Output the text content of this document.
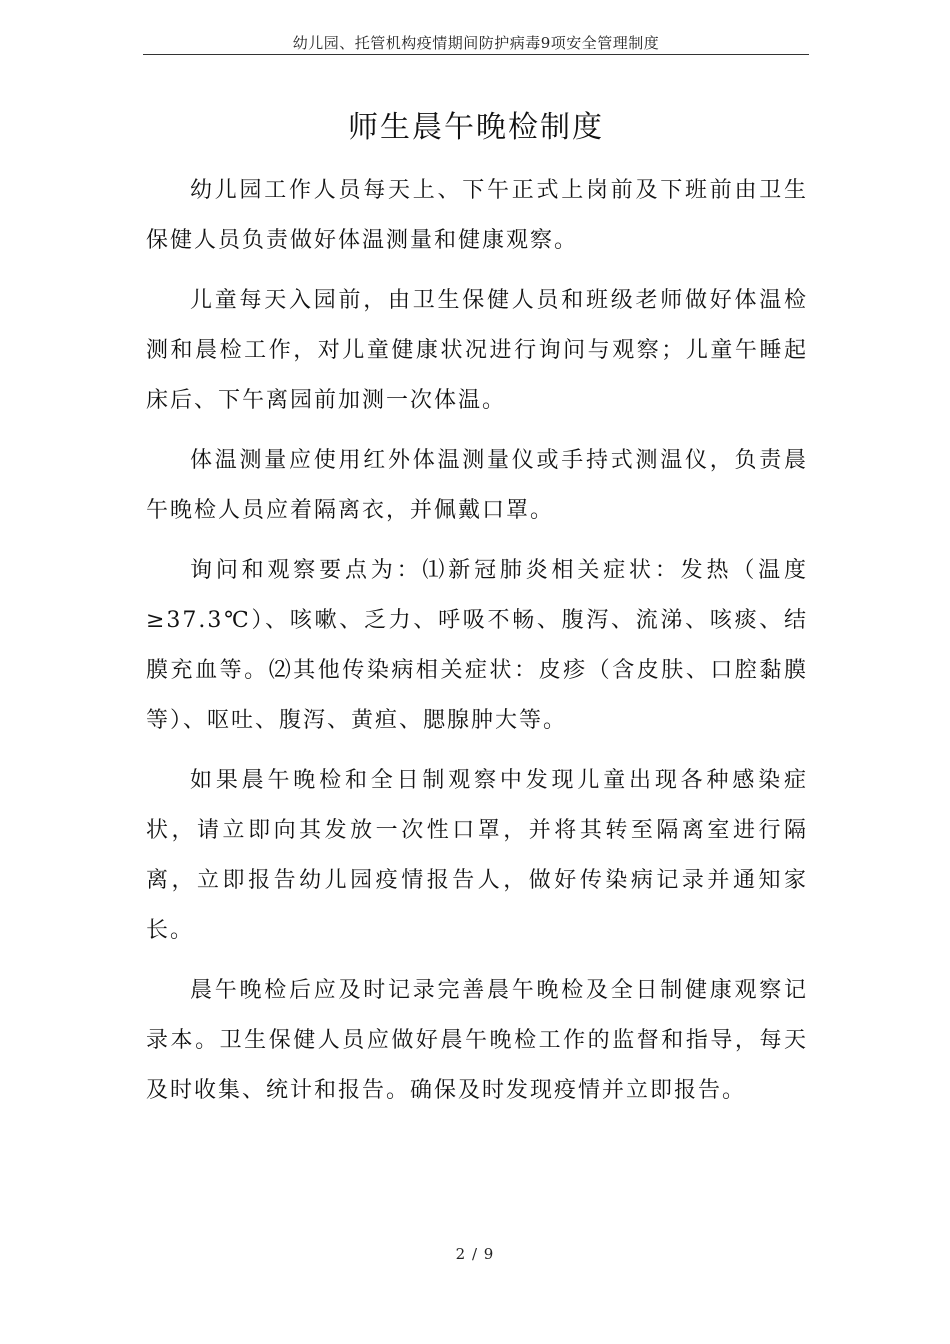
幼儿园、托管机构疫情期间防护病毒9项安全管理制度
师生晨午晚检制度

幼儿园工作人员每天上、下午正式上岗前及下班前由卫生保健人员负责做好体温测量和健康观察。

儿童每天入园前，由卫生保健人员和班级老师做好体温检测和晨检工作，对儿童健康状况进行询问与观察；儿童午睡起床后、下午离园前加测一次体温。

体温测量应使用红外体温测量仪或手持式测温仪，负责晨午晚检人员应着隔离衣，并佩戴口罩。

询问和观察要点为：⑴新冠肺炎相关症状：发热（温度≥37.3℃）、咳嗽、乏力、呼吸不畅、腹泻、流涕、咳痰、结膜充血等。⑵其他传染病相关症状：皮疹（含皮肤、口腔黏膜等）、呕吐、腹泻、黄疸、腮腺肿大等。

如果晨午晚检和全日制观察中发现儿童出现各种感染症状，请立即向其发放一次性口罩，并将其转至隔离室进行隔离，立即报告幼儿园疫情报告人，做好传染病记录并通知家长。

晨午晚检后应及时记录完善晨午晚检及全日制健康观察记录本。卫生保健人员应做好晨午晚检工作的监督和指导，每天及时收集、统计和报告。确保及时发现疫情并立即报告。

2 / 9
